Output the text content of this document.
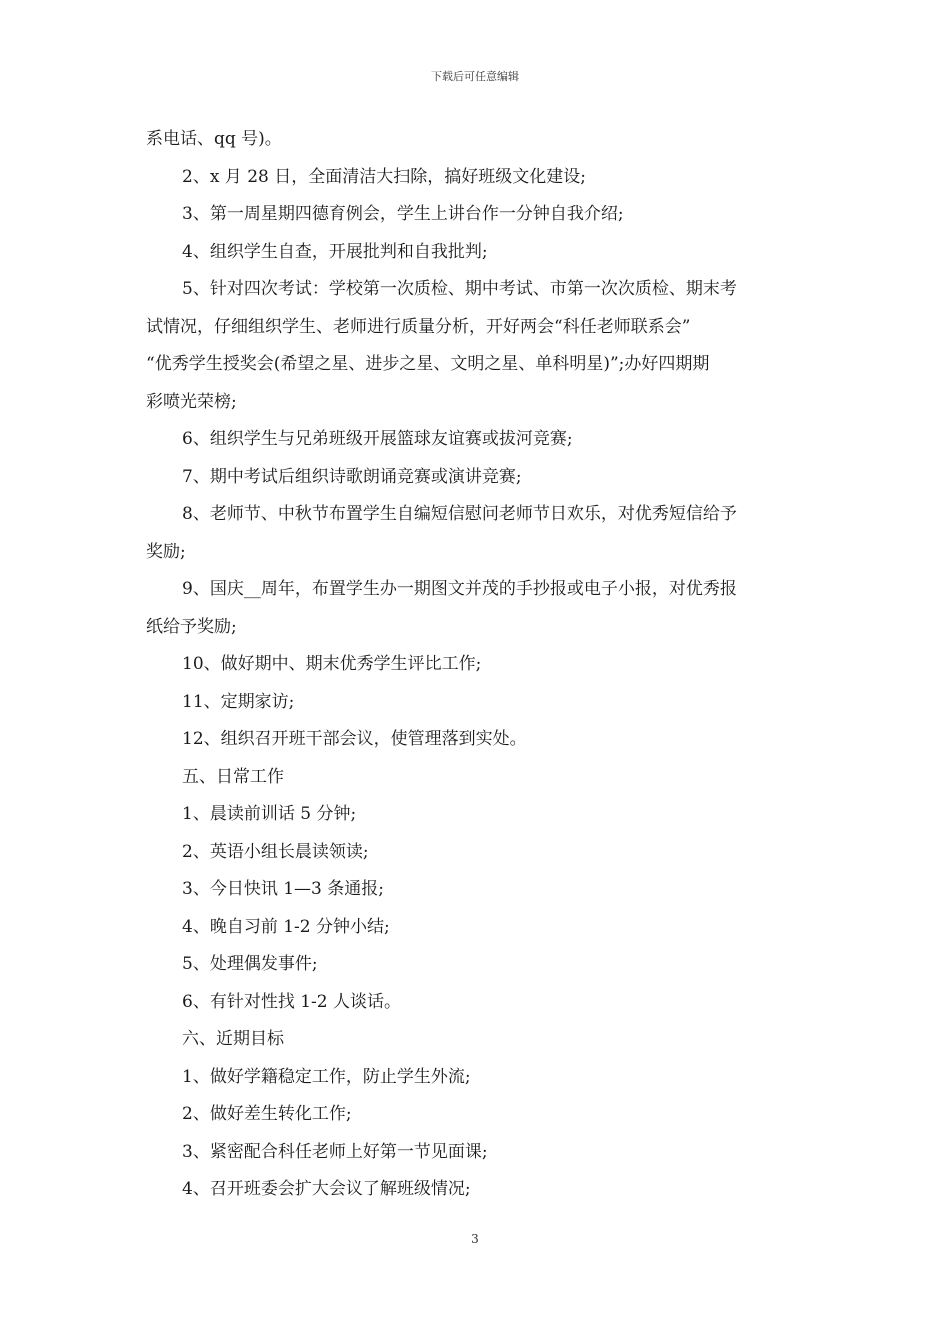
下载后可任意编辑
系电话、qq 号)。
2、x 月 28 日，全面清洁大扫除，搞好班级文化建设;
3、第一周星期四德育例会，学生上讲台作一分钟自我介绍;
4、组织学生自查，开展批判和自我批判;
5、针对四次考试：学校第一次质检、期中考试、市第一次次质检、期末考
试情况，仔细组织学生、老师进行质量分析，开好两会“科任老师联系会”
“优秀学生授奖会(希望之星、进步之星、文明之星、单科明星)”;办好四期期
彩喷光荣榜;
6、组织学生与兄弟班级开展篮球友谊赛或拔河竞赛;
7、期中考试后组织诗歌朗诵竞赛或演讲竞赛;
8、老师节、中秋节布置学生自编短信慰问老师节日欢乐，对优秀短信给予
奖励;
9、国庆__周年，布置学生办一期图文并茂的手抄报或电子小报，对优秀报
纸给予奖励;
10、做好期中、期末优秀学生评比工作;
11、定期家访;
12、组织召开班干部会议，使管理落到实处。
五、日常工作
1、晨读前训话 5 分钟;
2、英语小组长晨读领读;
3、今日快讯 1—3 条通报;
4、晚自习前 1-2 分钟小结;
5、处理偶发事件;
6、有针对性找 1-2 人谈话。
六、近期目标
1、做好学籍稳定工作，防止学生外流;
2、做好差生转化工作;
3、紧密配合科任老师上好第一节见面课;
4、召开班委会扩大会议了解班级情况;
3
